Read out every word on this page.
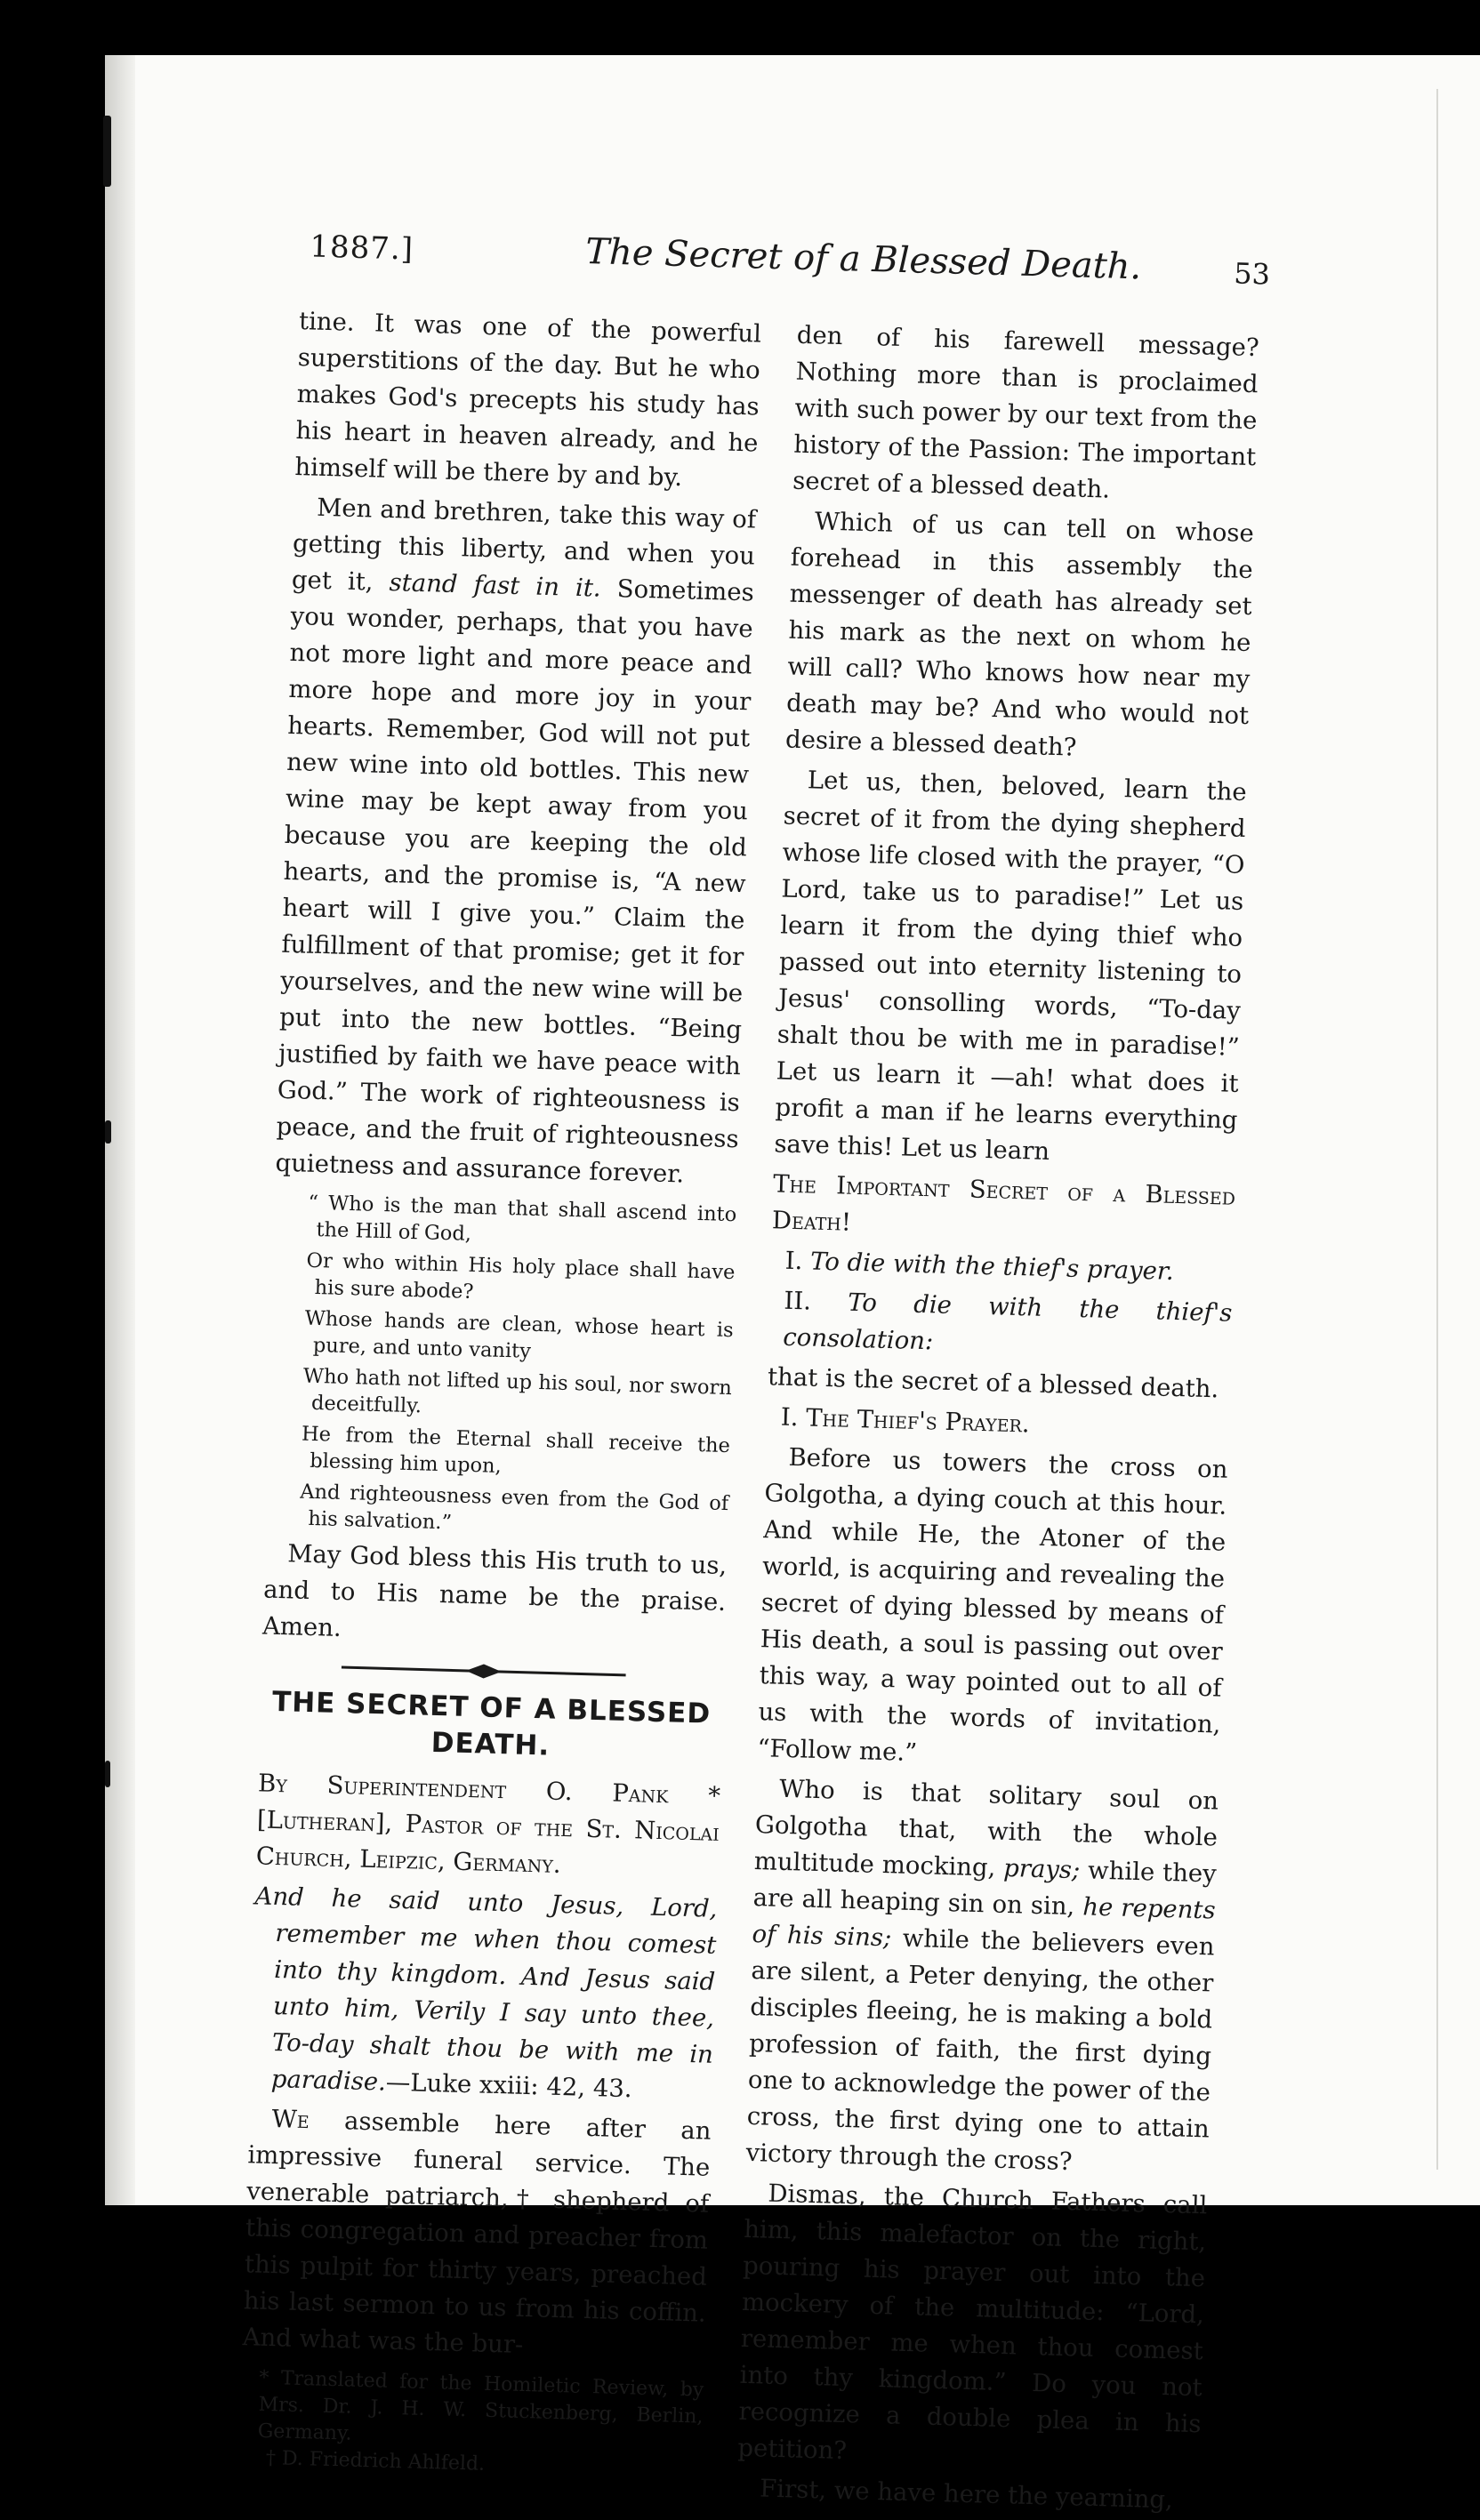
1887.]	The Secret of a Blessed Death.	53

tine. It was one of the powerful superstitions of the day. But he who makes God's precepts his study has his heart in heaven already, and he himself will be there by and by.

Men and brethren, take this way of getting this liberty, and when you get it, stand fast in it. Sometimes you wonder, perhaps, that you have not more light and more peace and more hope and more joy in your hearts. Remember, God will not put new wine into old bottles. This new wine may be kept away from you because you are keeping the old hearts, and the promise is, “A new heart will I give you.” Claim the fulfillment of that promise; get it for yourselves, and the new wine will be put into the new bottles. “Being justified by faith we have peace with God.” The work of righteousness is peace, and the fruit of righteousness quietness and assurance forever.

“ Who is the man that shall ascend into the Hill of God,
Or who within His holy place shall have his sure abode?
Whose hands are clean, whose heart is pure, and unto vanity
Who hath not lifted up his soul, nor sworn deceitfully.
He from the Eternal shall receive the blessing him upon,
And righteousness even from the God of his salvation.”

May God bless this His truth to us, and to His name be the praise. Amen.

THE SECRET OF A BLESSED DEATH.

By Superintendent O. Pank * [Lutheran], Pastor of the St. Nicolai Church, Leipzic, Germany.

And he said unto Jesus, Lord, remember me when thou comest into thy kingdom. And Jesus said unto him, Verily I say unto thee, To-day shalt thou be with me in paradise.—Luke xxiii: 42, 43.

We assemble here after an impressive funeral service. The venerable patriarch,† shepherd of this congregation and preacher from this pulpit for thirty years, preached his last sermon to us from his coffin. And what was the bur-

* Translated for the Homiletic Review, by Mrs. Dr. J. H. W. Stuckenberg, Berlin, Germany.
† D. Friedrich Ahlfeld.

den of his farewell message? Nothing more than is proclaimed with such power by our text from the history of the Passion: The important secret of a blessed death.

Which of us can tell on whose forehead in this assembly the messenger of death has already set his mark as the next on whom he will call? Who knows how near my death may be? And who would not desire a blessed death?

Let us, then, beloved, learn the secret of it from the dying shepherd whose life closed with the prayer, “O Lord, take us to paradise!” Let us learn it from the dying thief who passed out into eternity listening to Jesus' consolling words, “To-day shalt thou be with me in paradise!” Let us learn it —ah! what does it profit a man if he learns everything save this! Let us learn

The Important Secret of a Blessed Death!

I. To die with the thief's prayer.

II. To die with the thief's consolation:

that is the secret of a blessed death.

I. The Thief's Prayer.

Before us towers the cross on Golgotha, a dying couch at this hour. And while He, the Atoner of the world, is acquiring and revealing the secret of dying blessed by means of His death, a soul is passing out over this way, a way pointed out to all of us with the words of invitation, “Follow me.”

Who is that solitary soul on Golgotha that, with the whole multitude mocking, prays; while they are all heaping sin on sin, he repents of his sins; while the believers even are silent, a Peter denying, the other disciples fleeing, he is making a bold profession of faith, the first dying one to acknowledge the power of the cross, the first dying one to attain victory through the cross?

Dismas, the Church Fathers call him, this malefactor on the right, pouring his prayer out into the mockery of the multitude: “Lord, remember me when thou comest into thy kingdom.” Do you not recognize a double plea in his petition?

First, we have here the yearning,
